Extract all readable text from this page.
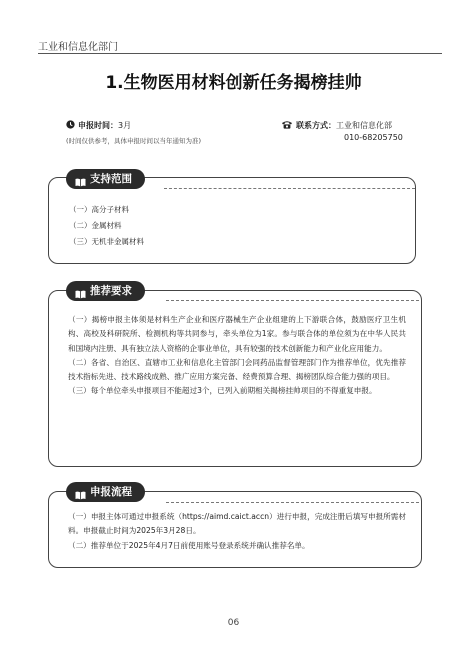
工业和信息化部门
1.生物医用材料创新任务揭榜挂帅
申报时间：3月
(时间仅供参考，具体申报时间以当年通知为准)
联系方式：工业和信息化部
010-68205750
支持范围
（一）高分子材料
（二）金属材料
（三）无机非金属材料
推荐要求

（一）揭榜申报主体须是材料生产企业和医疗器械生产企业组建的上下游联合体，鼓励医疗卫生机构、高校及科研院所、检测机构等共同参与，牵头单位为1家。参与联合体的单位须为在中华人民共和国境内注册、具有独立法人资格的企事业单位，具有较强的技术创新能力和产业化应用能力。

（二）各省、自治区、直辖市工业和信息化主管部门会同药品监督管理部门作为推荐单位，优先推荐技术指标先进、技术路线成熟、推广应用方案完备、经费预算合理、揭榜团队综合能力强的项目。

（三）每个单位牵头申报项目不能超过3个，已列入前期相关揭榜挂帅项目的不得重复申报。

申报流程

（一）申报主体可通过申报系统（https://aimd.caict.accn）进行申报，完成注册后填写申报所需材料。申报截止时间为2025年3月28日。

（二）推荐单位于2025年4月7日前使用账号登录系统并确认推荐名单。

06
